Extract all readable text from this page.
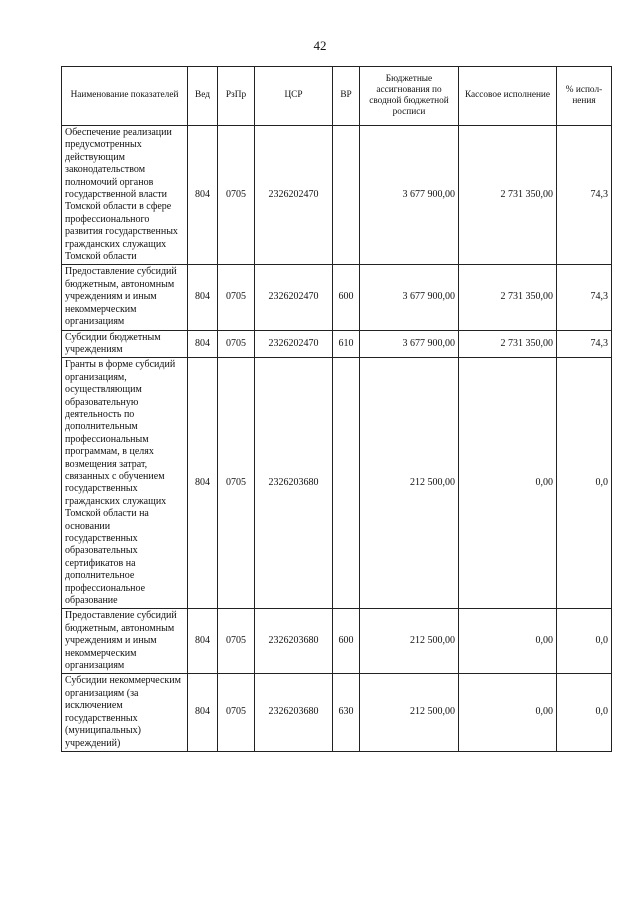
42
Наименование показателей	Вед	РзПр	ЦСР	ВР	Бюджетные ассигнования по сводной бюджетной росписи	Кассовое исполнение	% испол-нения
Обеспечение реализации предусмотренных действующим законодательством полномочий органов государственной власти Томской области в сфере профессионального развития государственных гражданских служащих Томской области	804	0705	2326202470		3 677 900,00	2 731 350,00	74,3
Предоставление субсидий бюджетным, автономным учреждениям и иным некоммерческим организациям	804	0705	2326202470	600	3 677 900,00	2 731 350,00	74,3
Субсидии бюджетным учреждениям	804	0705	2326202470	610	3 677 900,00	2 731 350,00	74,3
Гранты в форме субсидий организациям, осуществляющим образовательную деятельность по дополнительным профессиональным программам, в целях возмещения затрат, связанных с обучением государственных гражданских служащих Томской области на основании государственных образовательных сертификатов на дополнительное профессиональное образование	804	0705	2326203680		212 500,00	0,00	0,0
Предоставление субсидий бюджетным, автономным учреждениям и иным некоммерческим организациям	804	0705	2326203680	600	212 500,00	0,00	0,0
Субсидии некоммерческим организациям (за исключением государственных (муниципальных) учреждений)	804	0705	2326203680	630	212 500,00	0,00	0,0
